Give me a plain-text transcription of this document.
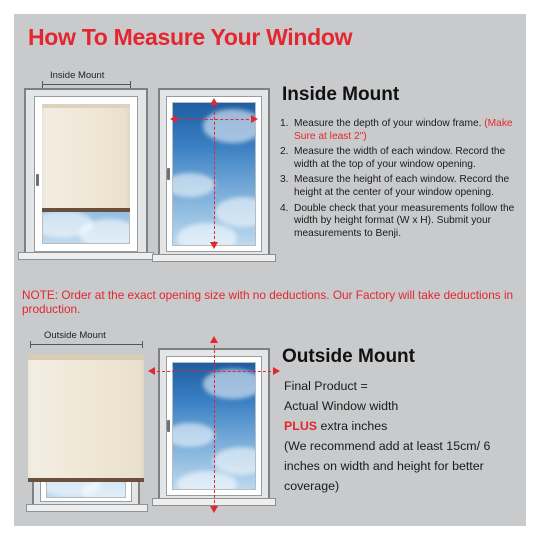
How To Measure Your Window
Inside Mount
Inside Mount
1. Measure the depth of your window frame. (Make Sure at least 2")
2. Measure the width of each window. Record the width at the top of your window opening.
3. Measure the height of each window. Record the height at the center of your window opening.
4. Double check that your measurements follow the width by height format (W x H). Submit your measurements to Benji.

NOTE: Order at the exact opening size with no deductions. Our Factory will take deductions in production.

Outside Mount
Outside Mount
Final Product =
Actual Window width
PLUS extra inches
(We recommend add at least 15cm/ 6 inches on width and height for better coverage)
